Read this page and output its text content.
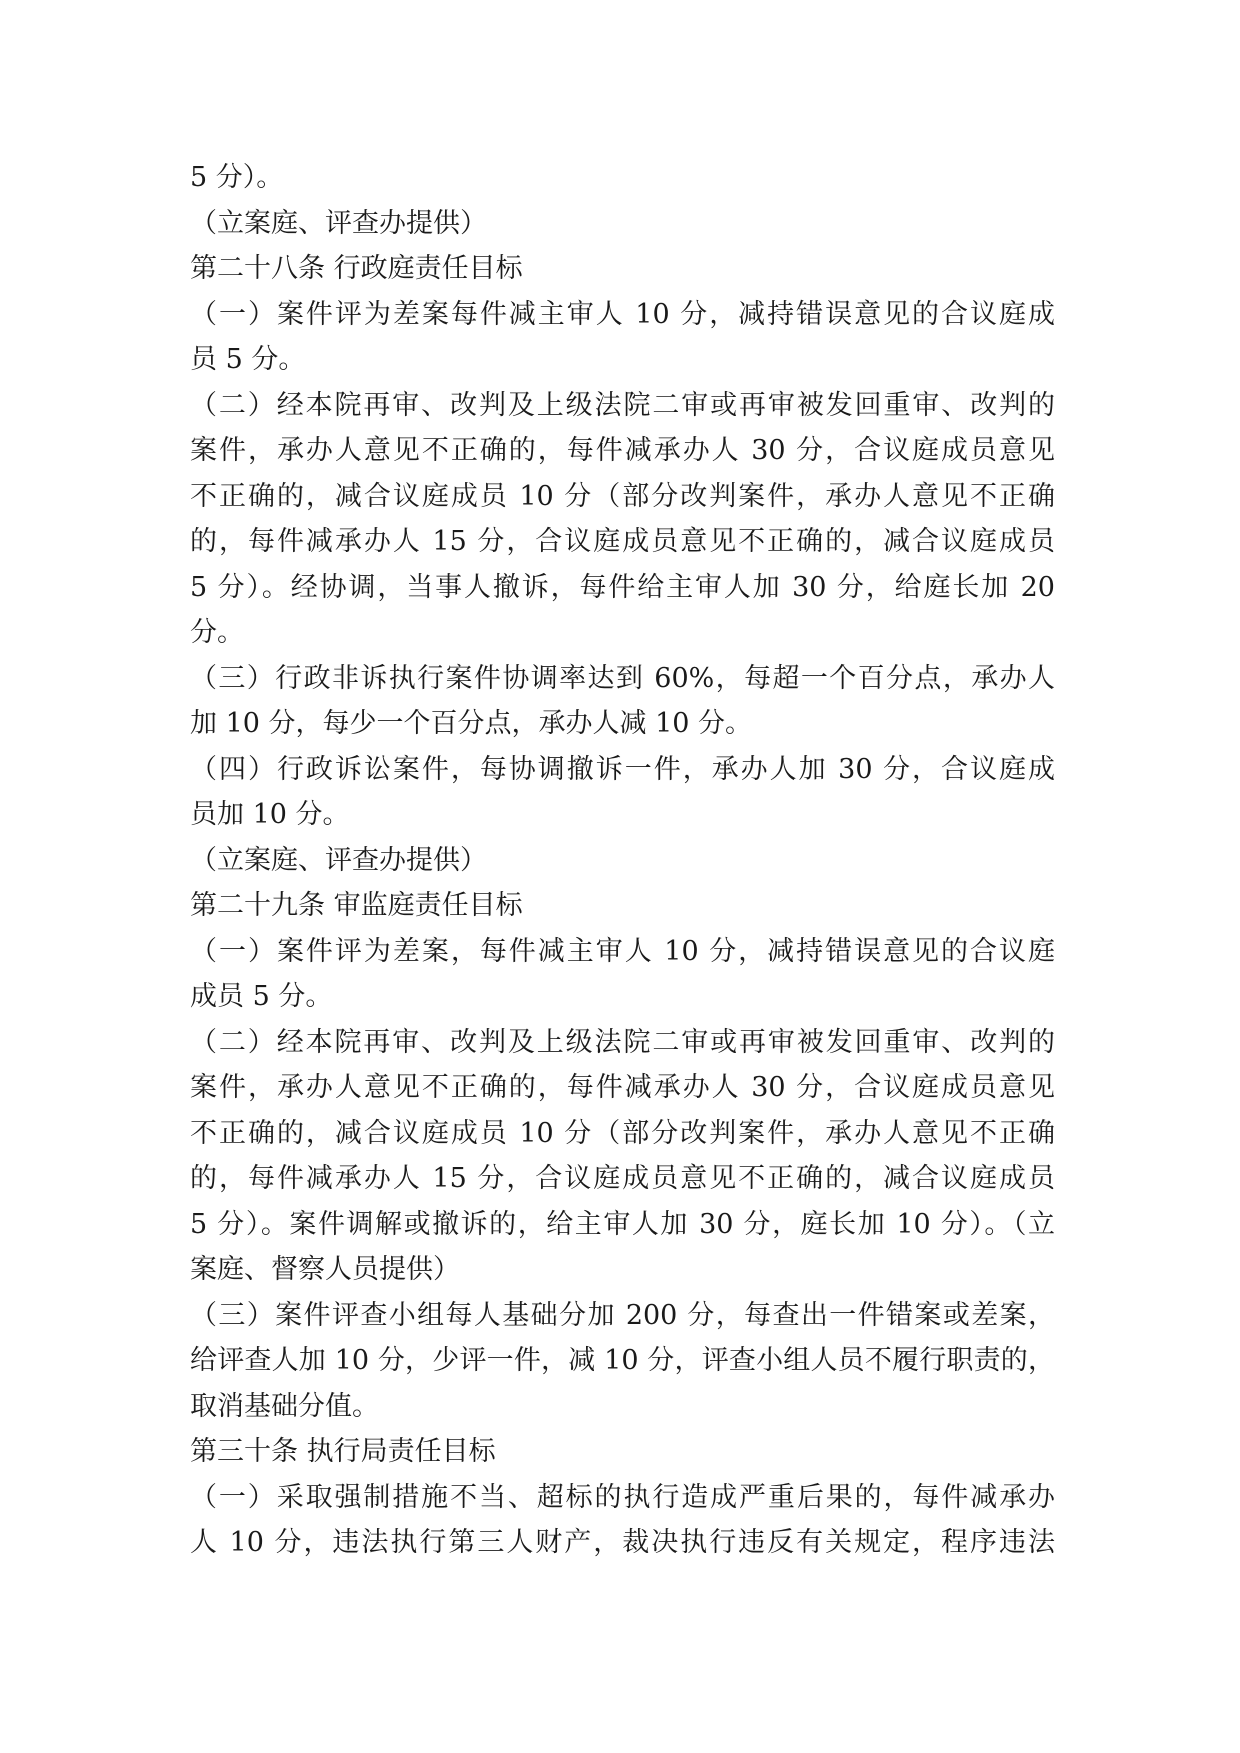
5 分）。
（立案庭、评查办提供）
第二十八条 行政庭责任目标
（一）案件评为差案每件减主审人 10 分，减持错误意见的合议庭成
员 5 分。
（二）经本院再审、改判及上级法院二审或再审被发回重审、改判的
案件，承办人意见不正确的，每件减承办人 30 分，合议庭成员意见
不正确的，减合议庭成员 10 分（部分改判案件，承办人意见不正确
的，每件减承办人 15 分，合议庭成员意见不正确的，减合议庭成员
5 分）。经协调，当事人撤诉，每件给主审人加 30 分，给庭长加 20
分。
（三）行政非诉执行案件协调率达到 60%，每超一个百分点，承办人
加 10 分，每少一个百分点，承办人减 10 分。
（四）行政诉讼案件，每协调撤诉一件，承办人加 30 分，合议庭成
员加 10 分。
（立案庭、评查办提供）
第二十九条 审监庭责任目标
（一）案件评为差案，每件减主审人 10 分，减持错误意见的合议庭
成员 5 分。
（二）经本院再审、改判及上级法院二审或再审被发回重审、改判的
案件，承办人意见不正确的，每件减承办人 30 分，合议庭成员意见
不正确的，减合议庭成员 10 分（部分改判案件，承办人意见不正确
的，每件减承办人 15 分，合议庭成员意见不正确的，减合议庭成员
5 分）。案件调解或撤诉的，给主审人加 30 分，庭长加 10 分）。（立
案庭、督察人员提供）
（三）案件评查小组每人基础分加 200 分，每查出一件错案或差案，
给评查人加 10 分，少评一件，减 10 分，评查小组人员不履行职责的，
取消基础分值。
第三十条 执行局责任目标
（一）采取强制措施不当、超标的执行造成严重后果的，每件减承办
人 10 分，违法执行第三人财产，裁决执行违反有关规定，程序违法
